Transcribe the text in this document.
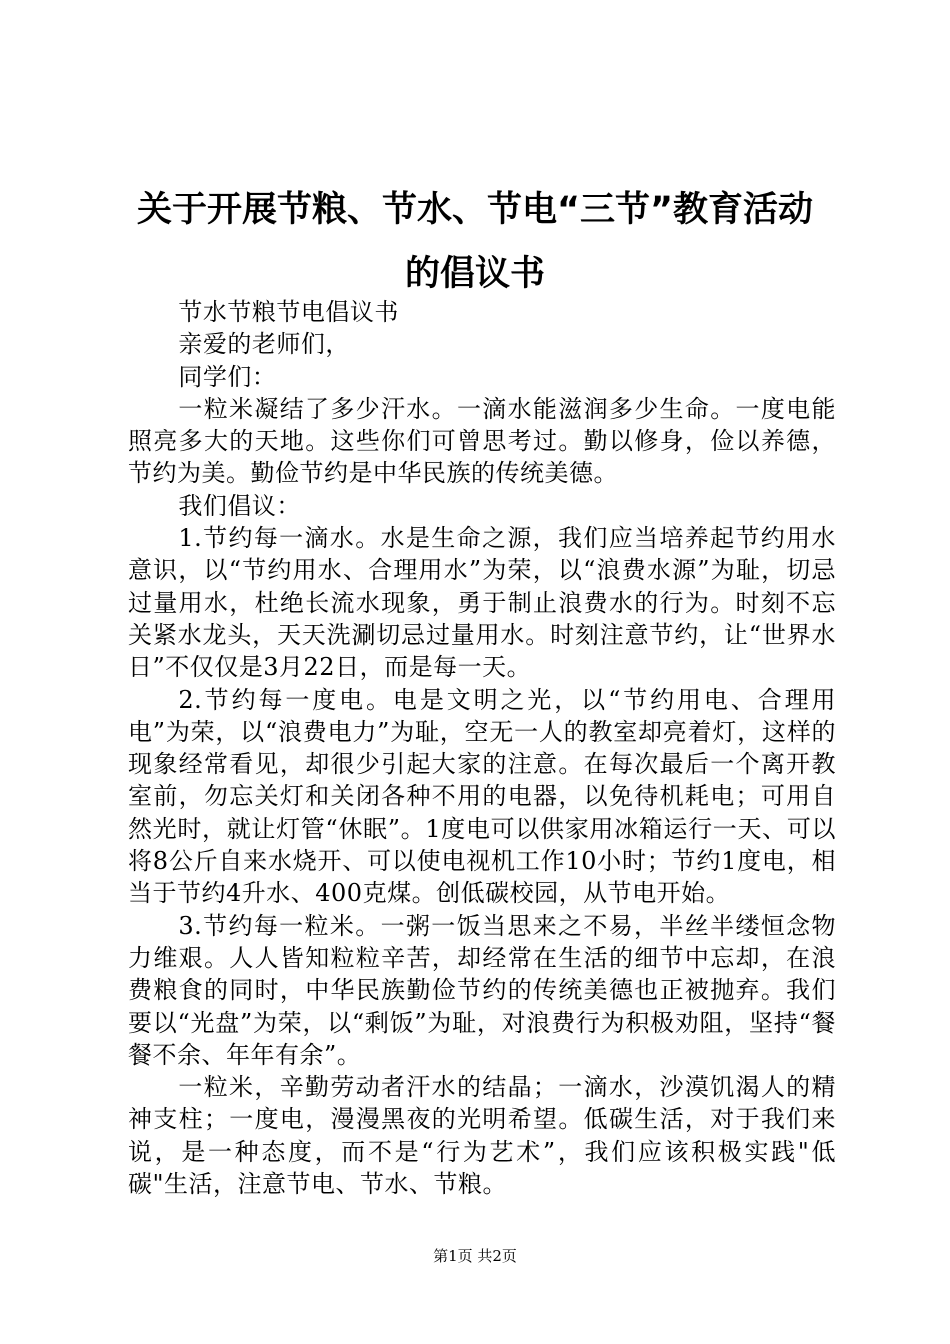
关于开展节粮、节水、节电“三节”教育活动
的倡议书

节水节粮节电倡议书

亲爱的老师们，

同学们：

一粒米凝结了多少汗水。一滴水能滋润多少生命。一度电能照亮多大的天地。这些你们可曾思考过。勤以修身，俭以养德，节约为美。勤俭节约是中华民族的传统美德。

我们倡议：

1.节约每一滴水。水是生命之源，我们应当培养起节约用水意识，以“节约用水、合理用水”为荣，以“浪费水源”为耻，切忌过量用水，杜绝长流水现象，勇于制止浪费水的行为。时刻不忘关紧水龙头，天天洗涮切忌过量用水。时刻注意节约，让“世界水日”不仅仅是3月22日，而是每一天。

2.节约每一度电。电是文明之光，以“节约用电、合理用电”为荣，以“浪费电力”为耻，空无一人的教室却亮着灯，这样的现象经常看见，却很少引起大家的注意。在每次最后一个离开教室前，勿忘关灯和关闭各种不用的电器，以免待机耗电；可用自然光时，就让灯管“休眠”。1度电可以供家用冰箱运行一天、可以将8公斤自来水烧开、可以使电视机工作10小时；节约1度电，相当于节约4升水、400克煤。创低碳校园，从节电开始。

3.节约每一粒米。一粥一饭当思来之不易，半丝半缕恒念物力维艰。人人皆知粒粒辛苦，却经常在生活的细节中忘却，在浪费粮食的同时，中华民族勤俭节约的传统美德也正被抛弃。我们要以“光盘”为荣，以“剩饭”为耻，对浪费行为积极劝阻，坚持“餐餐不余、年年有余”。

一粒米，辛勤劳动者汗水的结晶；一滴水，沙漠饥渴人的精神支柱；一度电，漫漫黑夜的光明希望。低碳生活，对于我们来说，是一种态度，而不是“行为艺术”，我们应该积极实践"低碳"生活，注意节电、节水、节粮。

第1页 共2页
